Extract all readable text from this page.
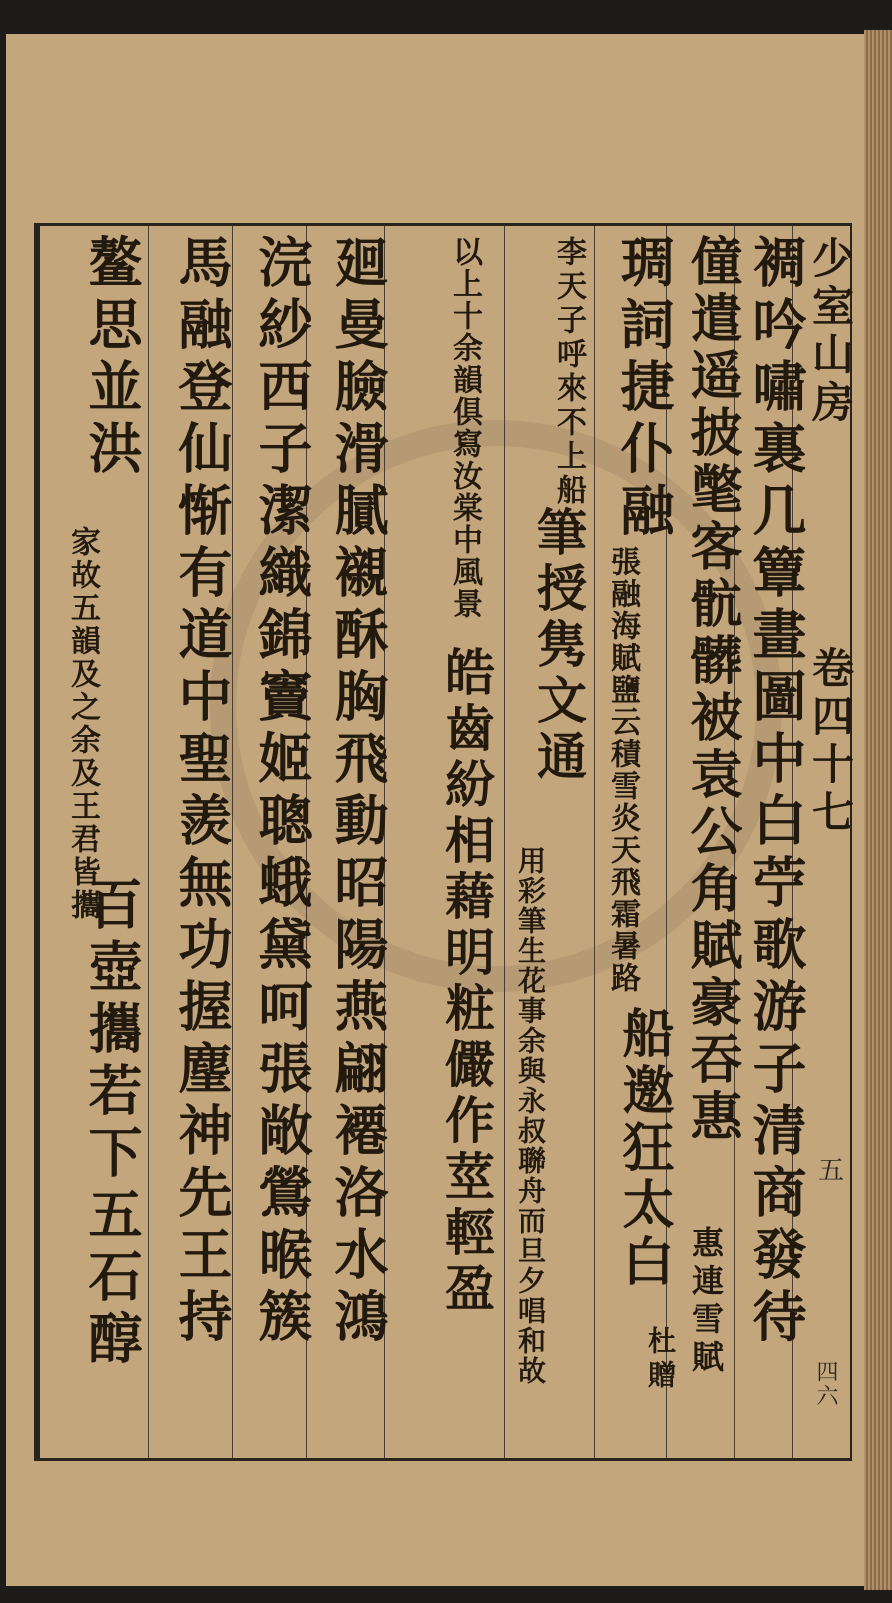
少室山房
卷四十七
裯吟嘯裏几簟畫圖中白苧歌游子清商發待
僮遣遥披氅客骯髒被袁公角賦豪吞惠
惠連雪賦
琱詞捷仆融
張融海賦鹽云積雪炎天飛霜暑路
船邀狂太白
杜贈
李天子呼來不上船
筆授隽文通
用彩筆生花事余與永叔聯舟而旦夕唱和故
以上十余韻俱寫汝棠中風景
皓齒紛相藉明粧儼作莖輕盈
廻曼臉滑膩襯酥胸飛動昭陽燕翩褼洛水鴻
浣紗西子潔織錦竇姬聰蛾黛呵張敞鶯㬋簇
馬融登仙惭有道中聖羨無功握麈神先王持
鳌思並洪
家故五韻及之余及王君皆攜
百壺攜若下五石醇	五
四六
